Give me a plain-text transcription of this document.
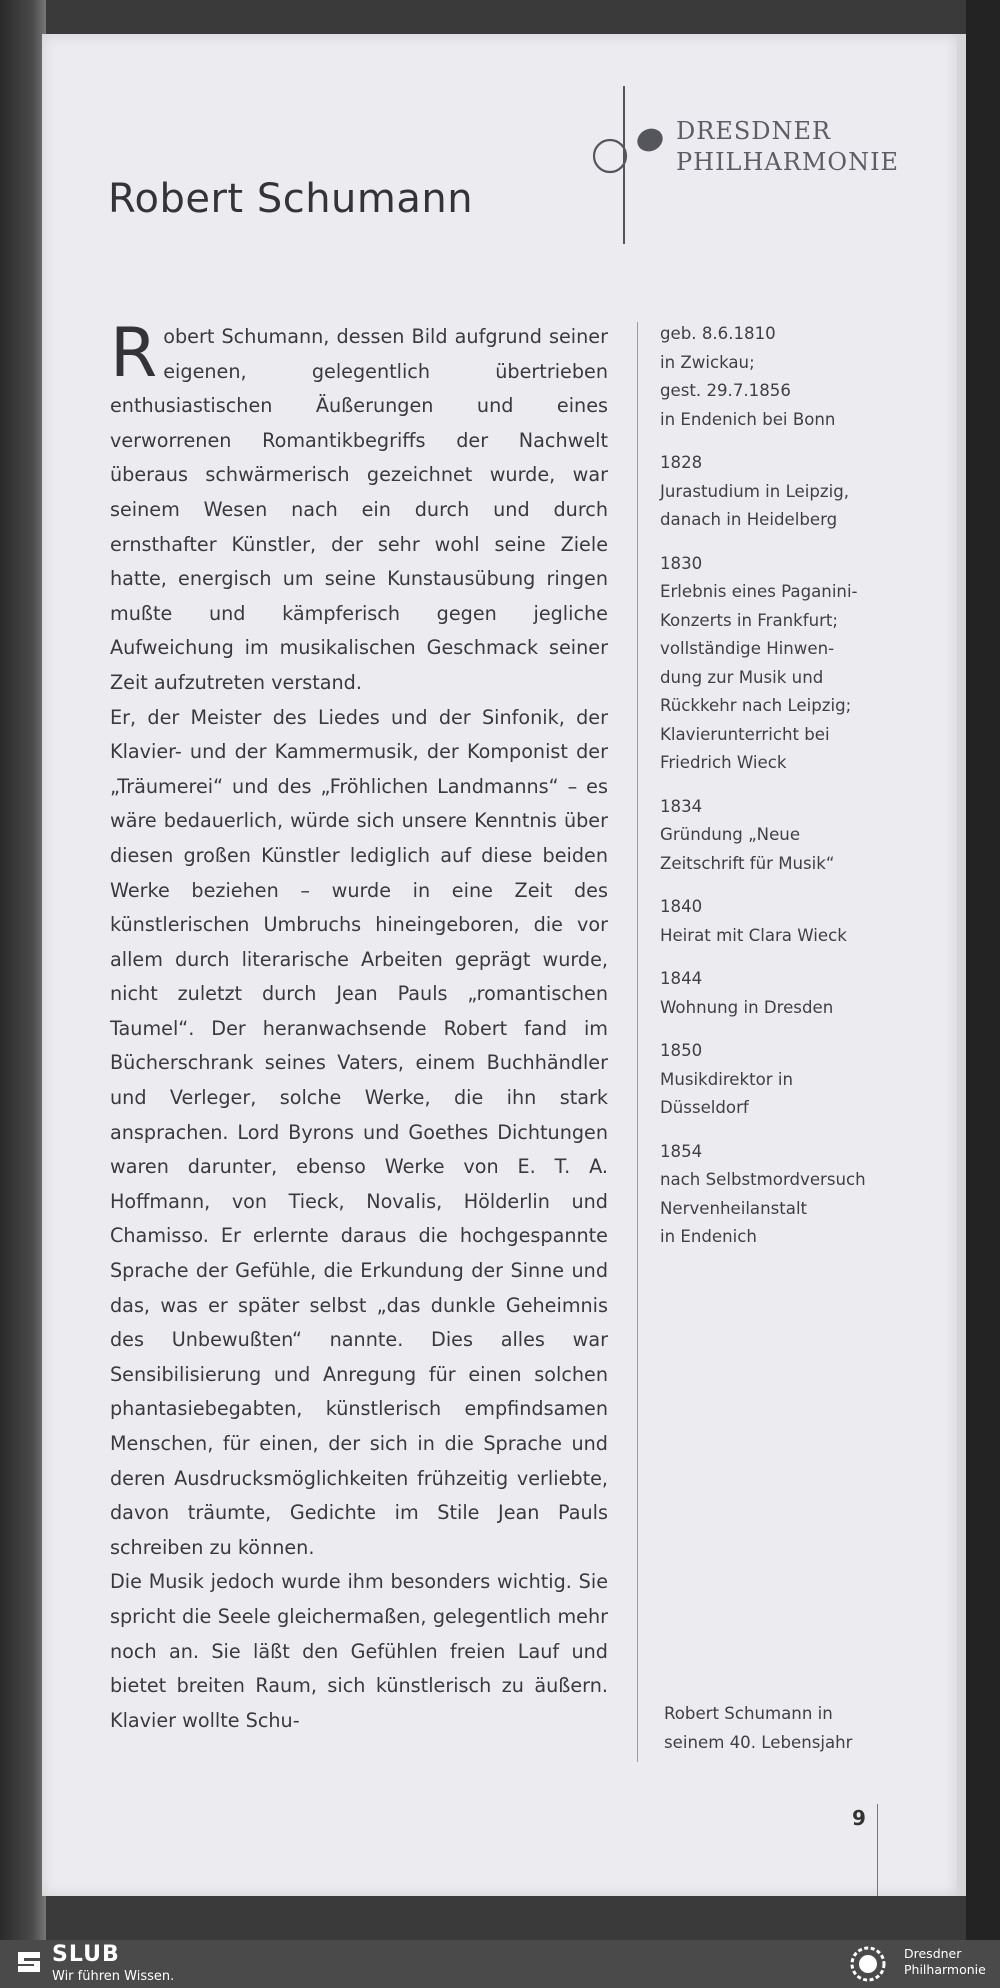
DRESDNER
PHILHARMONIE
Robert Schumann

Robert Schumann, dessen Bild aufgrund seiner eigenen, gelegentlich übertrieben enthusiastischen Äußerungen und eines verworrenen Romantikbegriffs der Nachwelt überaus schwärmerisch gezeichnet wurde, war seinem Wesen nach ein durch und durch ernsthafter Künstler, der sehr wohl seine Ziele hatte, energisch um seine Kunstausübung ringen mußte und kämpferisch gegen jegliche Aufweichung im musikalischen Geschmack seiner Zeit aufzutreten verstand.

Er, der Meister des Liedes und der Sinfonik, der Klavier- und der Kammermusik, der Komponist der „Träumerei“ und des „Fröhlichen Landmanns“ – es wäre bedauerlich, würde sich unsere Kenntnis über diesen großen Künstler lediglich auf diese beiden Werke beziehen – wurde in eine Zeit des künstlerischen Umbruchs hineingeboren, die vor allem durch literarische Arbeiten geprägt wurde, nicht zuletzt durch Jean Pauls „romantischen Taumel“. Der heranwachsende Robert fand im Bücherschrank seines Vaters, einem Buchhändler und Verleger, solche Werke, die ihn stark ansprachen. Lord Byrons und Goethes Dichtungen waren darunter, ebenso Werke von E. T. A. Hoffmann, von Tieck, Novalis, Hölderlin und Chamisso. Er erlernte daraus die hochgespannte Sprache der Gefühle, die Erkundung der Sinne und das, was er später selbst „das dunkle Geheimnis des Unbewußten“ nannte. Dies alles war Sensibilisierung und Anregung für einen solchen phantasiebegabten, künstlerisch empfindsamen Menschen, für einen, der sich in die Sprache und deren Ausdrucksmöglichkeiten frühzeitig verliebte, davon träumte, Gedichte im Stile Jean Pauls schreiben zu können.

Die Musik jedoch wurde ihm besonders wichtig. Sie spricht die Seele gleichermaßen, gelegentlich mehr noch an. Sie läßt den Gefühlen freien Lauf und bietet breiten Raum, sich künstlerisch zu äußern. Klavier wollte Schu-

geb. 8.6.1810
in Zwickau;
gest. 29.7.1856
in Endenich bei Bonn
1828
Jurastudium in Leipzig,
danach in Heidelberg
1830
Erlebnis eines Paganini-
Konzerts in Frankfurt;
vollständige Hinwen-
dung zur Musik und
Rückkehr nach Leipzig;
Klavierunterricht bei
Friedrich Wieck
1834
Gründung „Neue
Zeitschrift für Musik“
1840
Heirat mit Clara Wieck
1844
Wohnung in Dresden
1850
Musikdirektor in
Düsseldorf
1854
nach Selbstmordversuch
Nervenheilanstalt
in Endenich
Robert Schumann in
seinem 40. Lebensjahr
9
SLUB
Wir führen Wissen.
Dresdner
Philharmonie
